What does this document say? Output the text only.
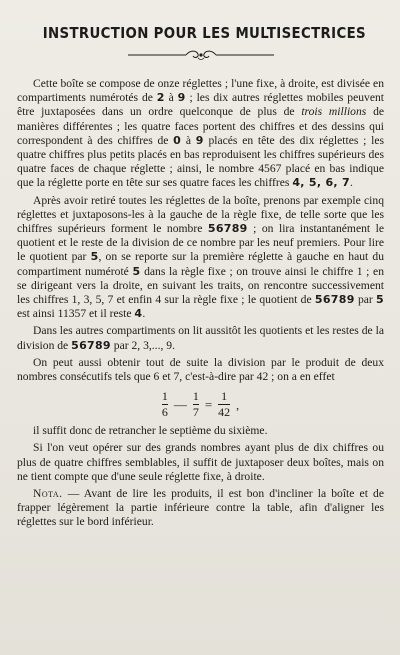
INSTRUCTION POUR LES MULTISECTRICES

Cette boîte se compose de onze réglettes ; l'une fixe, à droite, est divisée en compartiments numérotés de 2 à 9 ; les dix autres réglettes mobiles peuvent être juxtaposées dans un ordre quelconque de plus de trois millions de manières différentes ; les quatre faces portent des chiffres et des dessins qui correspondent à des chiffres de 0 à 9 placés en tête des dix réglettes ; les quatre chiffres plus petits placés en bas reproduisent les chiffres supérieurs des quatre faces de chaque réglette ; ainsi, le nombre 4567 placé en bas indique que la réglette porte en tête sur ses quatre faces les chiffres 4, 5, 6, 7.

Après avoir retiré toutes les réglettes de la boîte, prenons par exemple cinq réglettes et juxtaposons-les à la gauche de la règle fixe, de telle sorte que les chiffres supérieurs forment le nombre 56789 ; on lira instantanément le quotient et le reste de la division de ce nombre par les neuf premiers. Pour lire le quotient par 5, on se reporte sur la première réglette à gauche en haut du compartiment numéroté 5 dans la règle fixe ; on trouve ainsi le chiffre 1 ; en se dirigeant vers la droite, en suivant les traits, on rencontre successivement les chiffres 1, 3, 5, 7 et enfin 4 sur la règle fixe ; le quotient de 56789 par 5 est ainsi 11357 et il reste 4.

Dans les autres compartiments on lit aussitôt les quotients et les restes de la division de 56789 par 2, 3,..., 9.

On peut aussi obtenir tout de suite la division par le produit de deux nombres consécutifs tels que 6 et 7, c'est-à-dire par 42 ; on a en effet

$\frac{1}{6}$ — $\frac{1}{7} = \frac{1}{42}$ ,

il suffit donc de retrancher le septième du sixième.

Si l'on veut opérer sur des grands nombres ayant plus de dix chiffres ou plus de quatre chiffres semblables, il suffit de juxtaposer deux boîtes, mais on ne tient compte que d'une seule réglette fixe, à droite.

Nota. — Avant de lire les produits, il est bon d'incliner la boîte et de frapper légèrement la partie inférieure contre la table, afin d'aligner les réglettes sur le bord inférieur.
